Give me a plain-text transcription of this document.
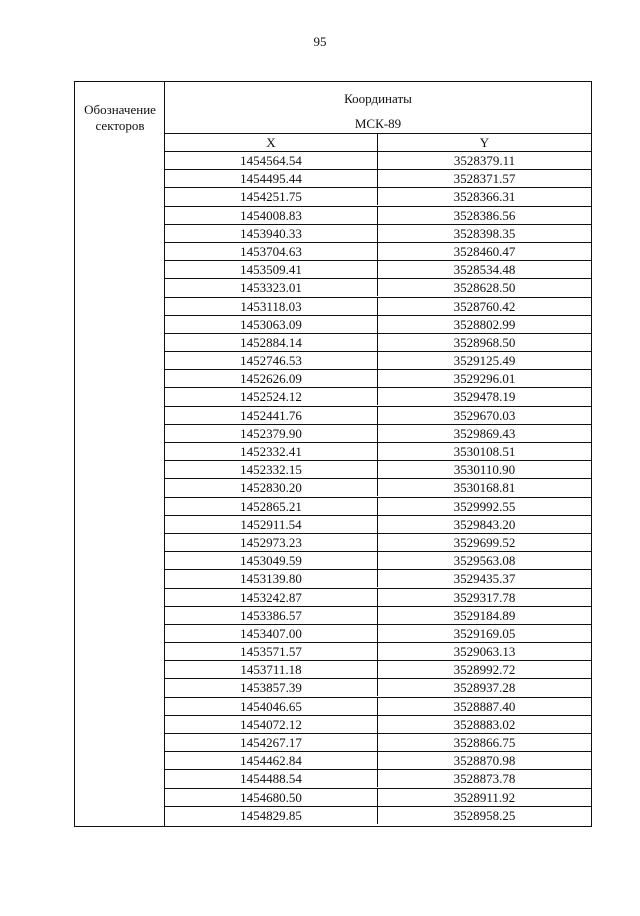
95
Обозначение секторов
Координаты
МСК-89
X	Y
1454564.54	3528379.11
1454495.44	3528371.57
1454251.75	3528366.31
1454008.83	3528386.56
1453940.33	3528398.35
1453704.63	3528460.47
1453509.41	3528534.48
1453323.01	3528628.50
1453118.03	3528760.42
1453063.09	3528802.99
1452884.14	3528968.50
1452746.53	3529125.49
1452626.09	3529296.01
1452524.12	3529478.19
1452441.76	3529670.03
1452379.90	3529869.43
1452332.41	3530108.51
1452332.15	3530110.90
1452830.20	3530168.81
1452865.21	3529992.55
1452911.54	3529843.20
1452973.23	3529699.52
1453049.59	3529563.08
1453139.80	3529435.37
1453242.87	3529317.78
1453386.57	3529184.89
1453407.00	3529169.05
1453571.57	3529063.13
1453711.18	3528992.72
1453857.39	3528937.28
1454046.65	3528887.40
1454072.12	3528883.02
1454267.17	3528866.75
1454462.84	3528870.98
1454488.54	3528873.78
1454680.50	3528911.92
1454829.85	3528958.25
